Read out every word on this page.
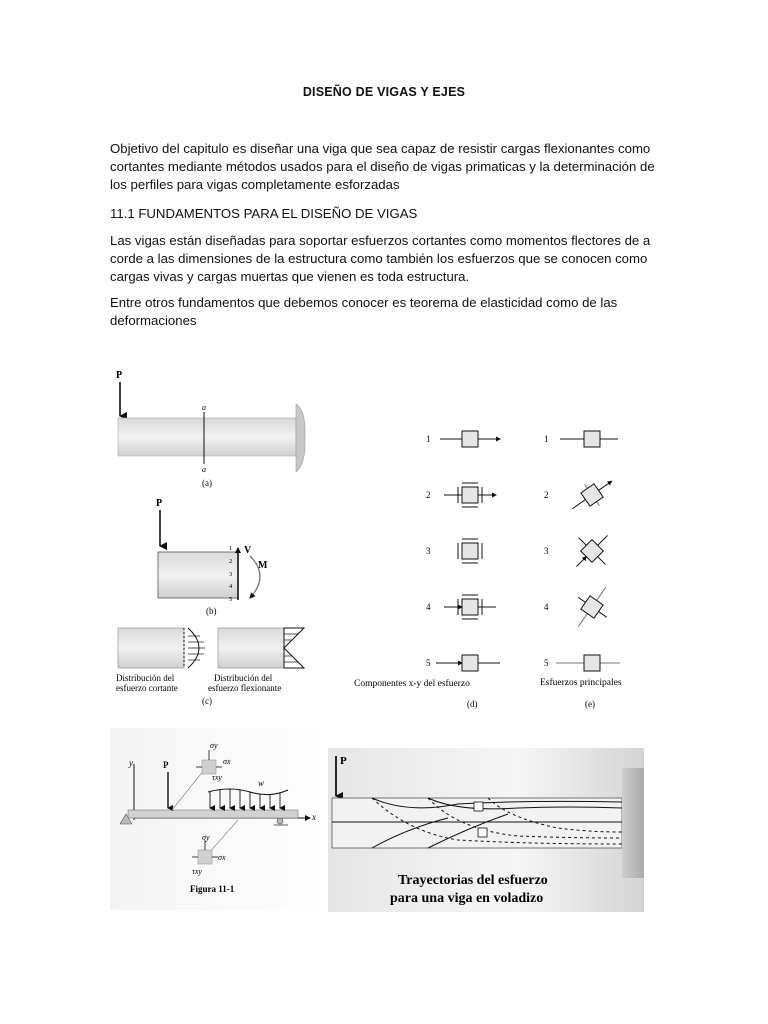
DISEÑO DE VIGAS Y EJES

Objetivo del capitulo es diseñar una viga que sea capaz de resistir cargas flexionantes como cortantes mediante métodos usados para el diseño de vigas primaticas y la determinación de los perfiles para vigas completamente esforzadas

11.1 FUNDAMENTOS PARA EL DISEÑO DE VIGAS

Las vigas están diseñadas para soportar esfuerzos cortantes como momentos flectores de a corde a las dimensiones de la estructura como también los esfuerzos que se conocen como cargas vivas y cargas muertas que vienen es toda estructura.

Entre otros fundamentos que debemos conocer es teorema de elasticidad como de las deformaciones

P
a
a
(a)
P
V
M
1
2
3
4
5
(b)
Distribución del
esfuerzo cortante
Distribución del
esfuerzo flexionante
(c)
1
2
3
4
5
1
2
3
4
5
Componentes x-y del esfuerzo	Esfuerzos principales
(d)	(e)
y
x
P
w
σy
σx
τxy
σy
σx
τxy
Figura 11-1
P
Trayectorias del esfuerzo
para una viga en voladizo
